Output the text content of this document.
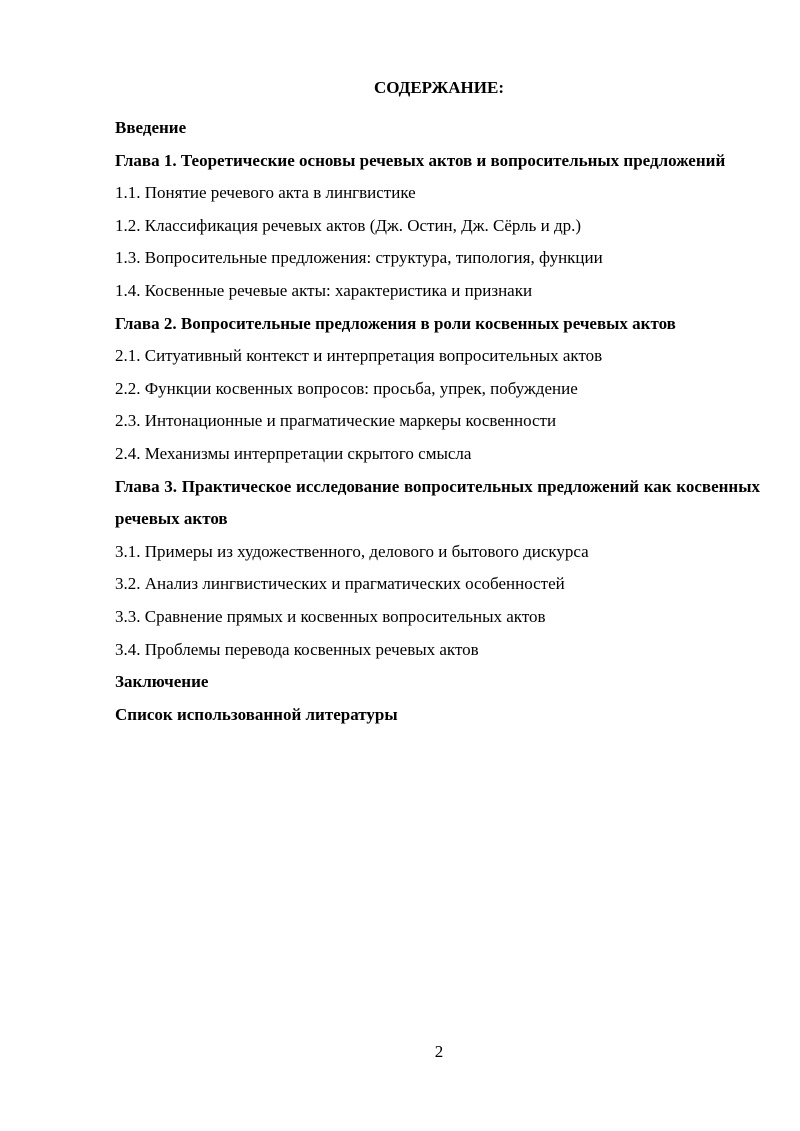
СОДЕРЖАНИЕ:
Введение
Глава 1. Теоретические основы речевых актов и вопросительных предложений
1.1. Понятие речевого акта в лингвистике
1.2. Классификация речевых актов (Дж. Остин, Дж. Сёрль и др.)
1.3. Вопросительные предложения: структура, типология, функции
1.4. Косвенные речевые акты: характеристика и признаки
Глава 2. Вопросительные предложения в роли косвенных речевых актов
2.1. Ситуативный контекст и интерпретация вопросительных актов
2.2. Функции косвенных вопросов: просьба, упрек, побуждение
2.3. Интонационные и прагматические маркеры косвенности
2.4. Механизмы интерпретации скрытого смысла
Глава 3. Практическое исследование вопросительных предложений как косвенных речевых актов
3.1. Примеры из художественного, делового и бытового дискурса
3.2. Анализ лингвистических и прагматических особенностей
3.3. Сравнение прямых и косвенных вопросительных актов
3.4. Проблемы перевода косвенных речевых актов
Заключение
Список использованной литературы
2
